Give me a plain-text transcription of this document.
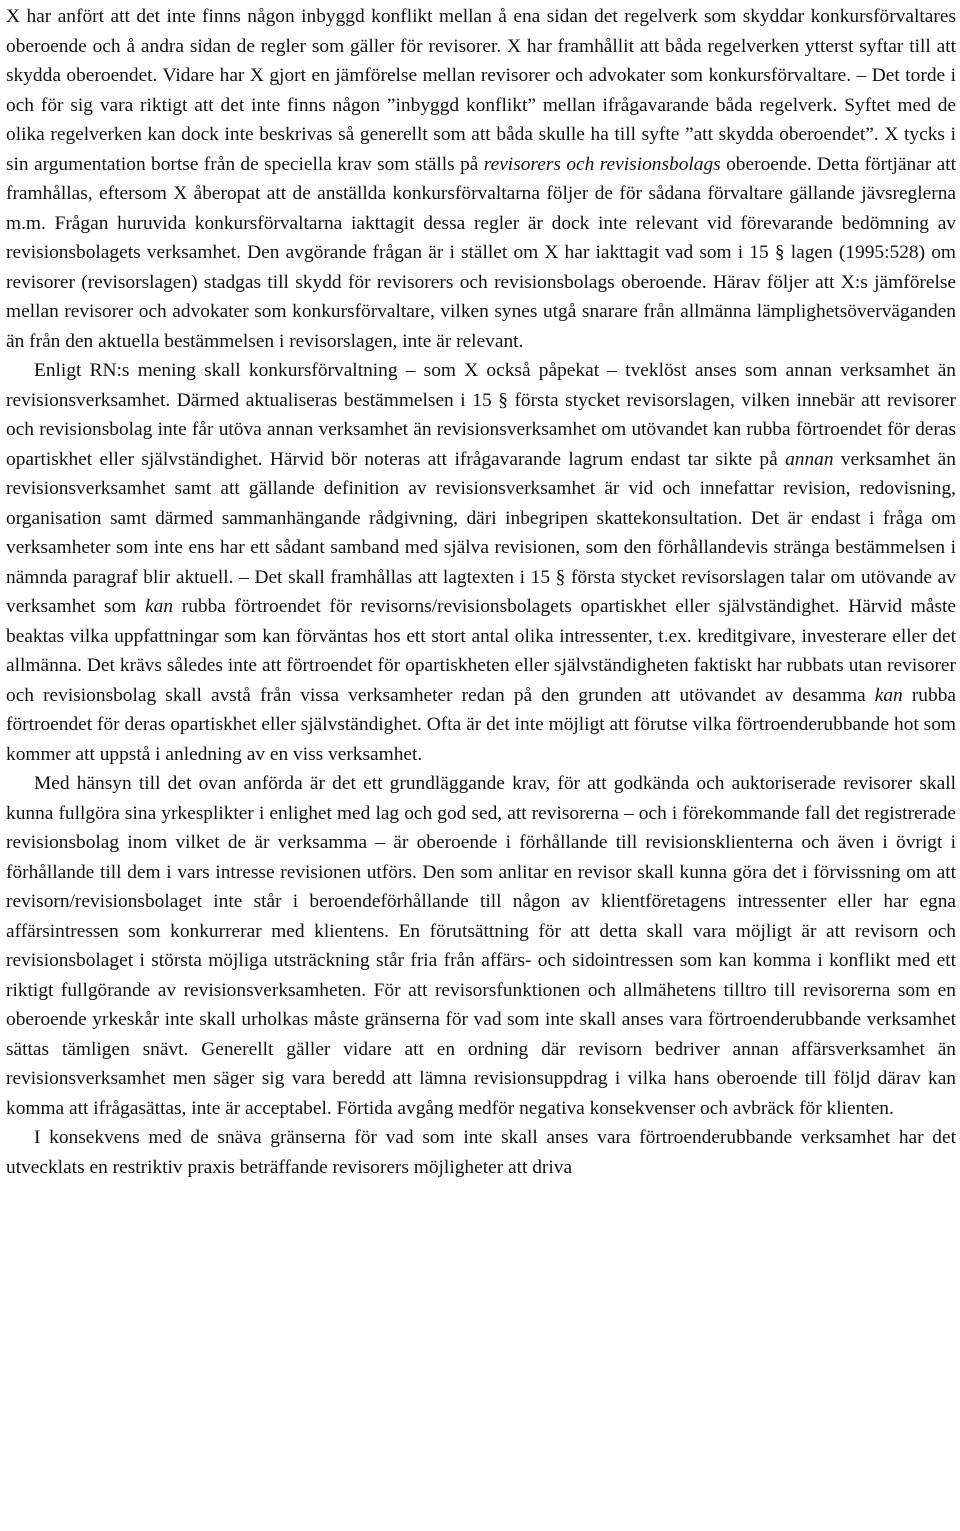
X har anfört att det inte finns någon inbyggd konflikt mellan å ena sidan det regelverk som skyddar konkursförvaltares oberoende och å andra sidan de regler som gäller för revisorer. X har framhållit att båda regelverken ytterst syftar till att skydda oberoendet. Vidare har X gjort en jämförelse mellan revisorer och advokater som konkursförvaltare. – Det torde i och för sig vara riktigt att det inte finns någon ”inbyggd konflikt” mellan ifrågavarande båda regelverk. Syftet med de olika regelverken kan dock inte beskrivas så generellt som att båda skulle ha till syfte ”att skydda oberoendet”. X tycks i sin argumentation bortse från de speciella krav som ställs på revisorers och revisionsbolags oberoende. Detta förtjänar att framhållas, eftersom X åberopat att de anställda konkursförvaltarna följer de för sådana förvaltare gällande jävsreglerna m.m. Frågan huruvida konkursförvaltarna iakttagit dessa regler är dock inte relevant vid förevarande bedömning av revisionsbolagets verksamhet. Den avgörande frågan är i stället om X har iakttagit vad som i 15 § lagen (1995:528) om revisorer (revisorslagen) stadgas till skydd för revisorers och revisionsbolags oberoende. Härav följer att X:s jämförelse mellan revisorer och advokater som konkursförvaltare, vilken synes utgå snarare från allmänna lämplighetsöverväganden än från den aktuella bestämmelsen i revisorslagen, inte är relevant.

Enligt RN:s mening skall konkursförvaltning – som X också påpekat – tveklöst anses som annan verksamhet än revisionsverksamhet. Därmed aktualiseras bestämmelsen i 15 § första stycket revisorslagen, vilken innebär att revisorer och revisionsbolag inte får utöva annan verksamhet än revisionsverksamhet om utövandet kan rubba förtroendet för deras opartiskhet eller självständighet. Härvid bör noteras att ifrågavarande lagrum endast tar sikte på annan verksamhet än revisionsverksamhet samt att gällande definition av revisionsverksamhet är vid och innefattar revision, redovisning, organisation samt därmed sammanhängande rådgivning, däri inbegripen skattekonsultation. Det är endast i fråga om verksamheter som inte ens har ett sådant samband med själva revisionen, som den förhållandevis stränga bestämmelsen i nämnda paragraf blir aktuell. – Det skall framhållas att lagtexten i 15 § första stycket revisorslagen talar om utövande av verksamhet som kan rubba förtroendet för revisorns/revisionsbolagets opartiskhet eller självständighet. Härvid måste beaktas vilka uppfattningar som kan förväntas hos ett stort antal olika intressenter, t.ex. kreditgivare, investerare eller det allmänna. Det krävs således inte att förtroendet för opartiskheten eller självständigheten faktiskt har rubbats utan revisorer och revisionsbolag skall avstå från vissa verksamheter redan på den grunden att utövandet av desamma kan rubba förtroendet för deras opartiskhet eller självständighet. Ofta är det inte möjligt att förutse vilka förtroenderubbande hot som kommer att uppstå i anledning av en viss verksamhet.

Med hänsyn till det ovan anförda är det ett grundläggande krav, för att godkända och auktoriserade revisorer skall kunna fullgöra sina yrkesplikter i enlighet med lag och god sed, att revisorerna – och i förekommande fall det registrerade revisionsbolag inom vilket de är verksamma – är oberoende i förhållande till revisionsklienterna och även i övrigt i förhållande till dem i vars intresse revisionen utförs. Den som anlitar en revisor skall kunna göra det i förvissning om att revisorn/revisionsbolaget inte står i beroendeförhållande till någon av klientföretagens intressenter eller har egna affärsintressen som konkurrerar med klientens. En förutsättning för att detta skall vara möjligt är att revisorn och revisionsbolaget i största möjliga utsträckning står fria från affärs- och sidointressen som kan komma i konflikt med ett riktigt fullgörande av revisionsverksamheten. För att revisorsfunktionen och allmähetens tilltro till revisorerna som en oberoende yrkeskår inte skall urholkas måste gränserna för vad som inte skall anses vara förtroenderubbande verksamhet sättas tämligen snävt. Generellt gäller vidare att en ordning där revisorn bedriver annan affärsverksamhet än revisionsverksamhet men säger sig vara beredd att lämna revisionsuppdrag i vilka hans oberoende till följd därav kan komma att ifrågasättas, inte är acceptabel. Förtida avgång medför negativa konsekvenser och avbräck för klienten.

I konsekvens med de snäva gränserna för vad som inte skall anses vara förtroenderubbande verksamhet har det utvecklats en restriktiv praxis beträffande revisorers möjligheter att driva
